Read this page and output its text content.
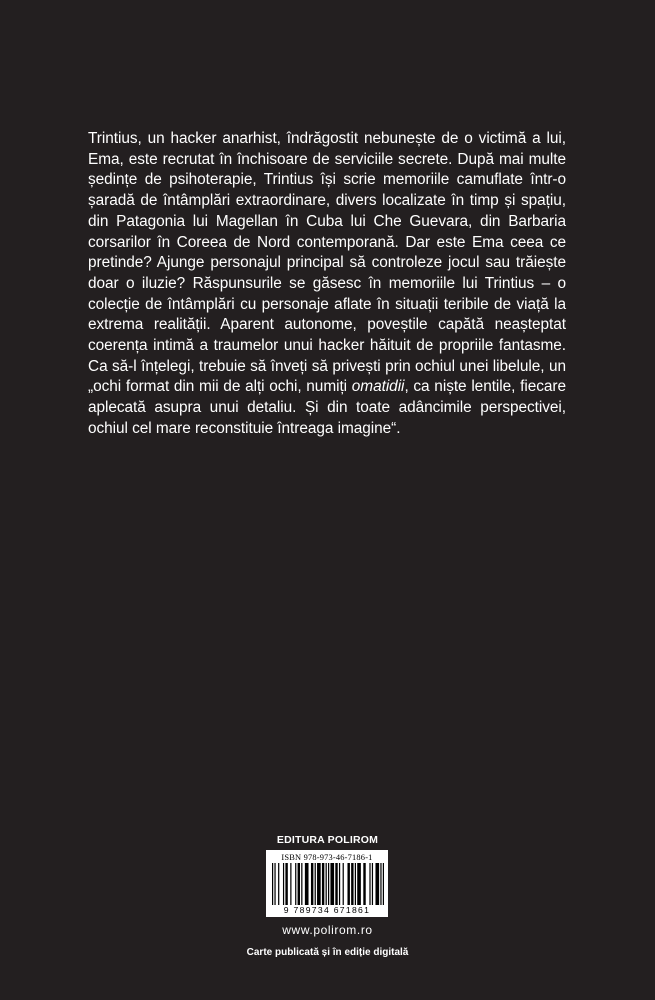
Trintius, un hacker anarhist, îndrăgostit nebunește de o victimă a lui, Ema, este recrutat în închisoare de serviciile secrete. După mai multe ședințe de psihoterapie, Trintius își scrie memoriile camuflate într-o șaradă de întâmplări extraordinare, divers localizate în timp și spațiu, din Patagonia lui Magellan în Cuba lui Che Guevara, din Barbaria corsarilor în Coreea de Nord contemporană. Dar este Ema ceea ce pretinde? Ajunge personajul principal să controleze jocul sau trăiește doar o iluzie? Răspunsurile se găsesc în memoriile lui Trintius – o colecție de întâmplări cu personaje aflate în situații teribile de viață la extrema realității. Aparent autonome, poveștile capătă neașteptat coerența intimă a traumelor unui hacker hăituit de propriile fantasme. Ca să-l înțelegi, trebuie să înveți să privești prin ochiul unei libelule, un „ochi format din mii de alți ochi, numiți omatidii, ca niște lentile, fiecare aplecată asupra unui detaliu. Și din toate adâncimile perspectivei, ochiul cel mare reconstituie întreaga imagine“.
EDITURA POLIROM
ISBN 978-973-46-7186-1
9 789734 671861
www.polirom.ro
Carte publicată și în ediție digitală
